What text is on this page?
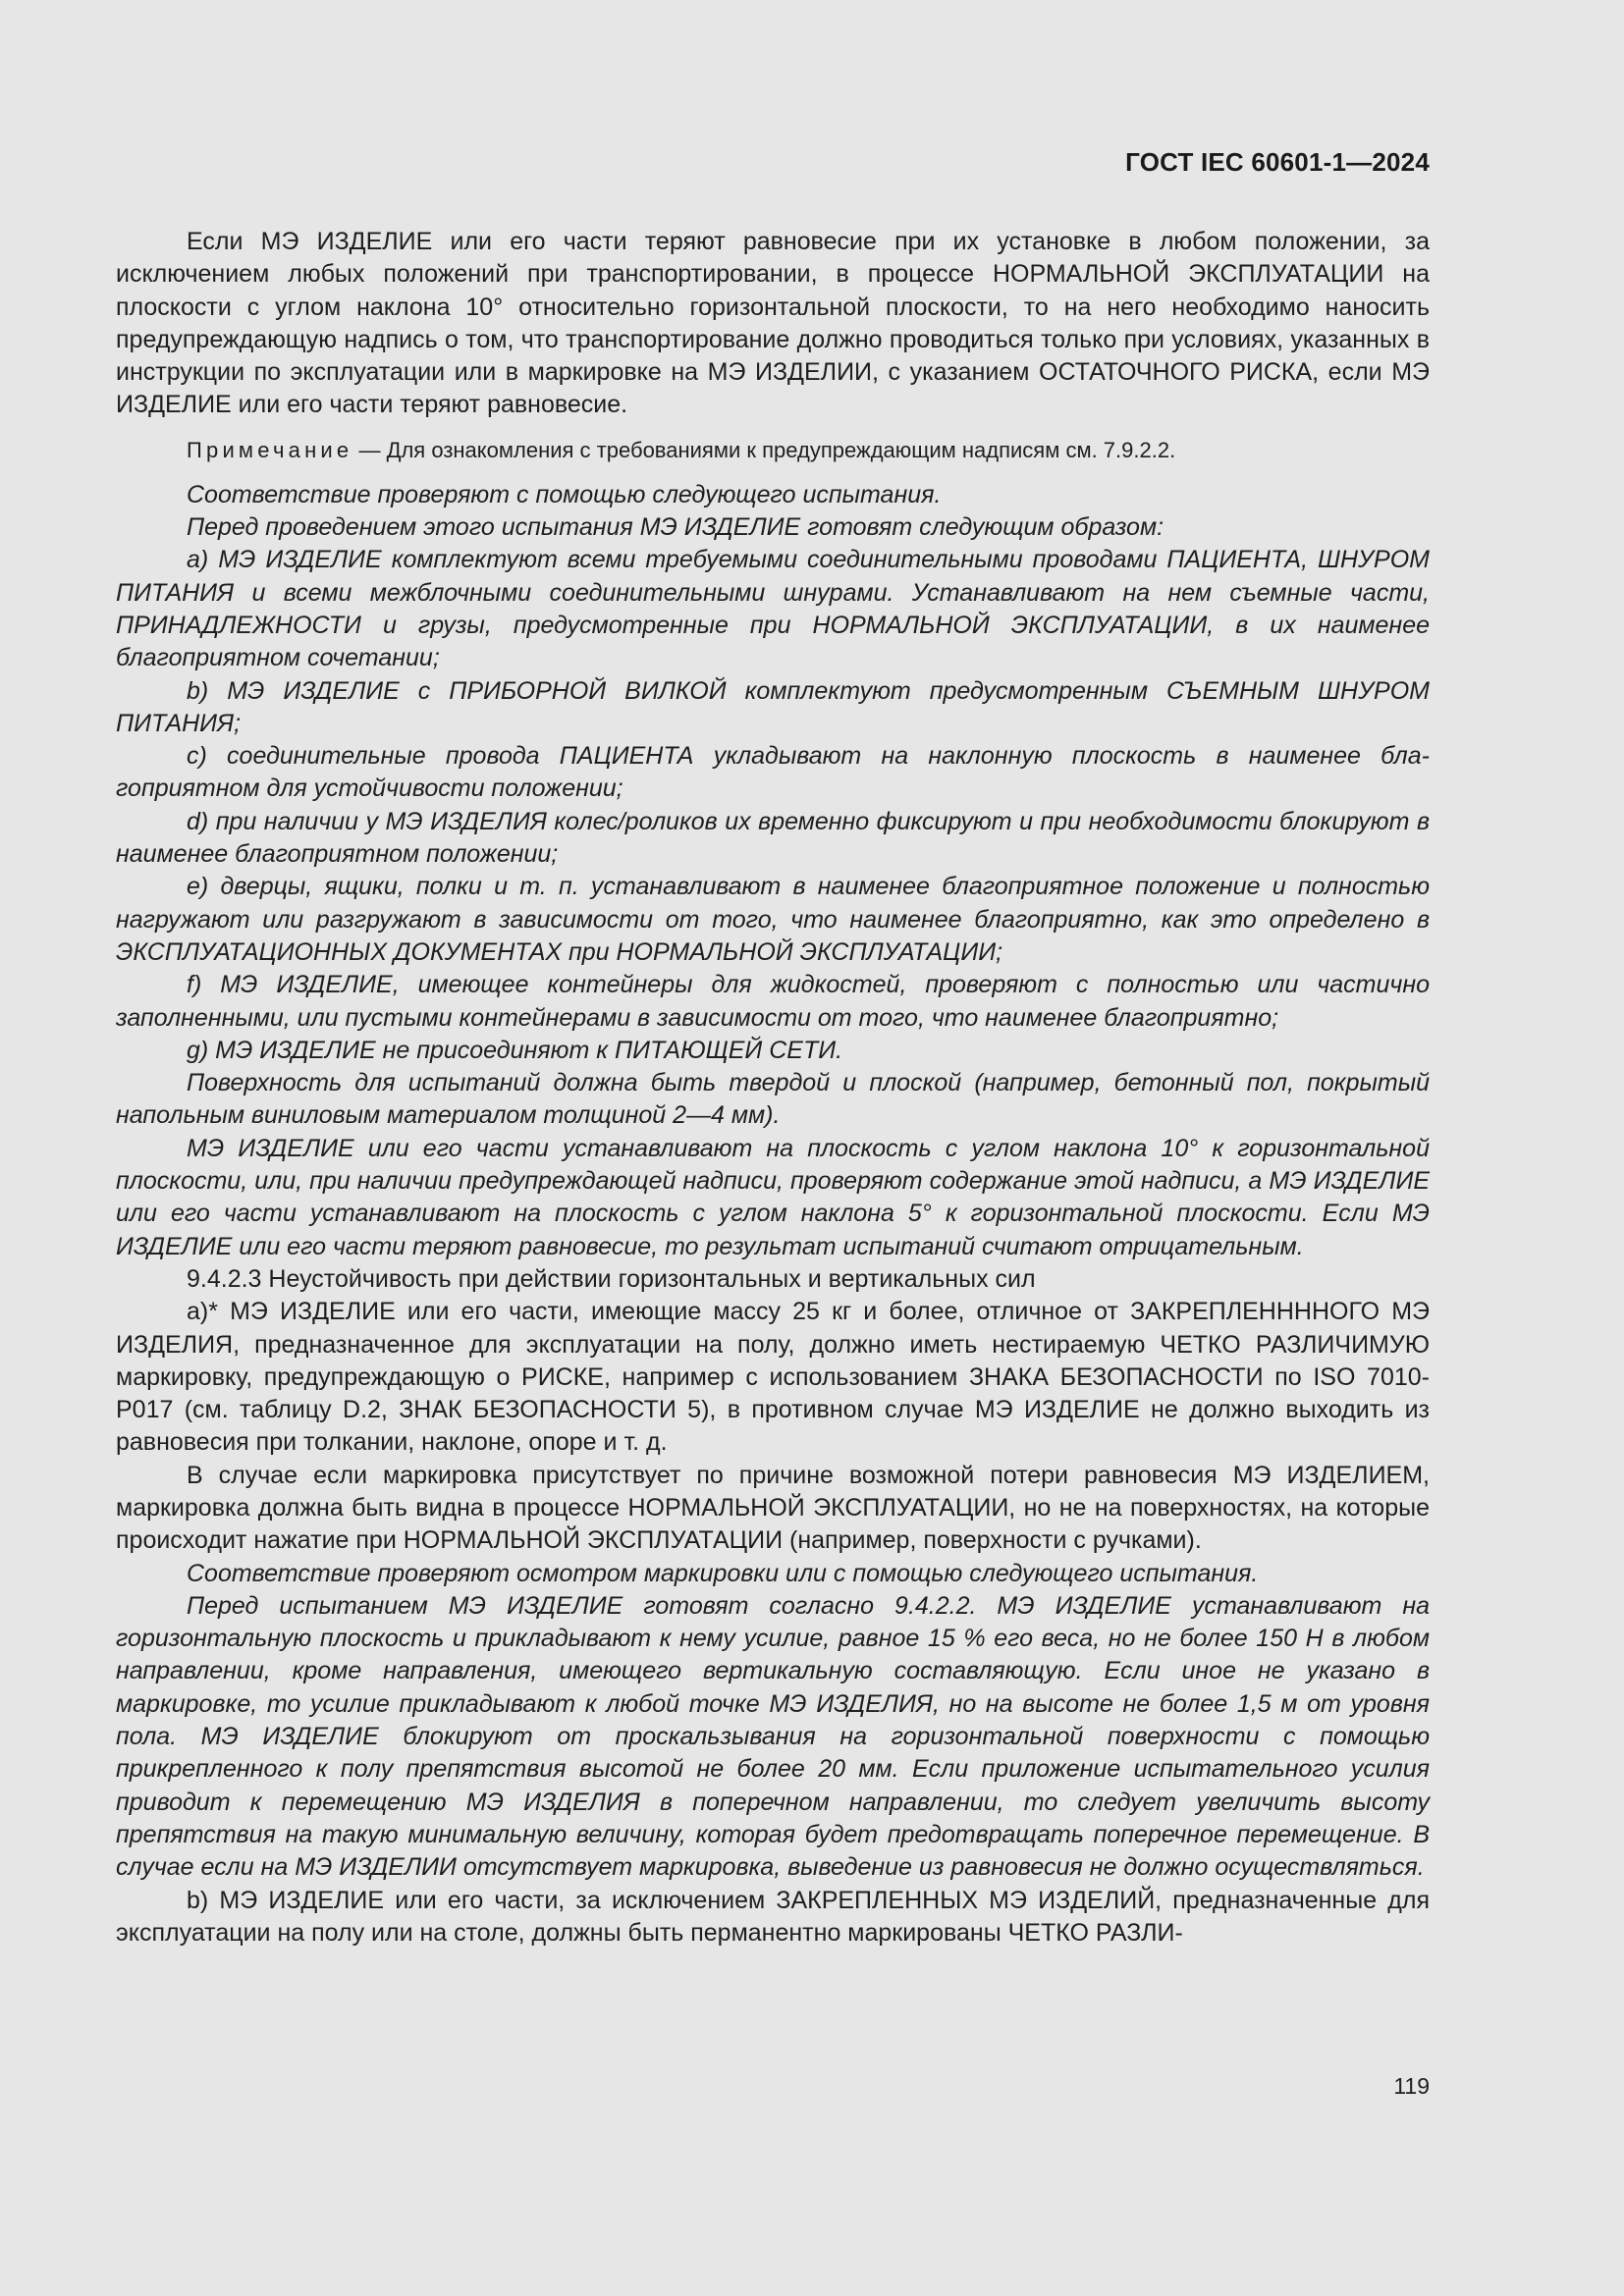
ГОСТ IEC 60601-1—2024

Если МЭ ИЗДЕЛИЕ или его части теряют равновесие при их установке в любом положении, за исключением любых положений при транспортировании, в процессе НОРМАЛЬНОЙ ЭКСПЛУАТАЦИИ на плоскости с углом наклона 10° относительно горизонтальной плоскости, то на него необходимо наносить предупреждающую надпись о том, что транспортирование должно проводиться только при условиях, указанных в инструкции по эксплуатации или в маркировке на МЭ ИЗДЕЛИИ, с указанием ОСТАТОЧНОГО РИСКА, если МЭ ИЗДЕЛИЕ или его части теряют равновесие.

Примечание — Для ознакомления с требованиями к предупреждающим надписям см. 7.9.2.2.

Соответствие проверяют с помощью следующего испытания.

Перед проведением этого испытания МЭ ИЗДЕЛИЕ готовят следующим образом:

a) МЭ ИЗДЕЛИЕ комплектуют всеми требуемыми соединительными проводами ПАЦИЕНТА, ШНУРОМ ПИТАНИЯ и всеми межблочными соединительными шнурами. Устанавливают на нем съемные части, ПРИНАДЛЕЖНОСТИ и грузы, предусмотренные при НОРМАЛЬНОЙ ЭКСПЛУАТАЦИИ, в их наименее благоприятном сочетании;

b) МЭ ИЗДЕЛИЕ с ПРИБОРНОЙ ВИЛКОЙ комплектуют предусмотренным СЪЕМНЫМ ШНУРОМ ПИТАНИЯ;

c) соединительные провода ПАЦИЕНТА укладывают на наклонную плоскость в наименее благоприятном для устойчивости положении;

d) при наличии у МЭ ИЗДЕЛИЯ колес/роликов их временно фиксируют и при необходимости блокируют в наименее благоприятном положении;

e) дверцы, ящики, полки и т. п. устанавливают в наименее благоприятное положение и полностью нагружают или разгружают в зависимости от того, что наименее благоприятно, как это определено в ЭКСПЛУАТАЦИОННЫХ ДОКУМЕНТАХ при НОРМАЛЬНОЙ ЭКСПЛУАТАЦИИ;

f) МЭ ИЗДЕЛИЕ, имеющее контейнеры для жидкостей, проверяют с полностью или частично заполненными, или пустыми контейнерами в зависимости от того, что наименее благоприятно;

g) МЭ ИЗДЕЛИЕ не присоединяют к ПИТАЮЩЕЙ СЕТИ.

Поверхность для испытаний должна быть твердой и плоской (например, бетонный пол, покрытый напольным виниловым материалом толщиной 2—4 мм).

МЭ ИЗДЕЛИЕ или его части устанавливают на плоскость с углом наклона 10° к горизонтальной плоскости, или, при наличии предупреждающей надписи, проверяют содержание этой надписи, а МЭ ИЗДЕЛИЕ или его части устанавливают на плоскость с углом наклона 5° к горизонтальной плоскости. Если МЭ ИЗДЕЛИЕ или его части теряют равновесие, то результат испытаний считают отрицательным.

9.4.2.3 Неустойчивость при действии горизонтальных и вертикальных сил

a)* МЭ ИЗДЕЛИЕ или его части, имеющие массу 25 кг и более, отличное от ЗАКРЕПЛЕННННОГО МЭ ИЗДЕЛИЯ, предназначенное для эксплуатации на полу, должно иметь нестираемую ЧЕТКО РАЗЛИЧИМУЮ маркировку, предупреждающую о РИСКЕ, например с использованием ЗНАКА БЕЗОПАСНОСТИ по ISO 7010-P017 (см. таблицу D.2, ЗНАК БЕЗОПАСНОСТИ 5), в противном случае МЭ ИЗДЕЛИЕ не должно выходить из равновесия при толкании, наклоне, опоре и т. д.

В случае если маркировка присутствует по причине возможной потери равновесия МЭ ИЗДЕЛИЕМ, маркировка должна быть видна в процессе НОРМАЛЬНОЙ ЭКСПЛУАТАЦИИ, но не на поверхностях, на которые происходит нажатие при НОРМАЛЬНОЙ ЭКСПЛУАТАЦИИ (например, поверхности с ручками).

Соответствие проверяют осмотром маркировки или с помощью следующего испытания.

Перед испытанием МЭ ИЗДЕЛИЕ готовят согласно 9.4.2.2. МЭ ИЗДЕЛИЕ устанавливают на горизонтальную плоскость и прикладывают к нему усилие, равное 15 % его веса, но не более 150 Н в любом направлении, кроме направления, имеющего вертикальную составляющую. Если иное не указано в маркировке, то усилие прикладывают к любой точке МЭ ИЗДЕЛИЯ, но на высоте не более 1,5 м от уровня пола. МЭ ИЗДЕЛИЕ блокируют от проскальзывания на горизонтальной поверхности с помощью прикрепленного к полу препятствия высотой не более 20 мм. Если приложение испытательного усилия приводит к перемещению МЭ ИЗДЕЛИЯ в поперечном направлении, то следует увеличить высоту препятствия на такую минимальную величину, которая будет предотвращать поперечное перемещение. В случае если на МЭ ИЗДЕЛИИ отсутствует маркировка, выведение из равновесия не должно осуществляться.

b) МЭ ИЗДЕЛИЕ или его части, за исключением ЗАКРЕПЛЕННЫХ МЭ ИЗДЕЛИЙ, предназначенные для эксплуатации на полу или на столе, должны быть перманентно маркированы ЧЕТКО РАЗЛИ-

119
